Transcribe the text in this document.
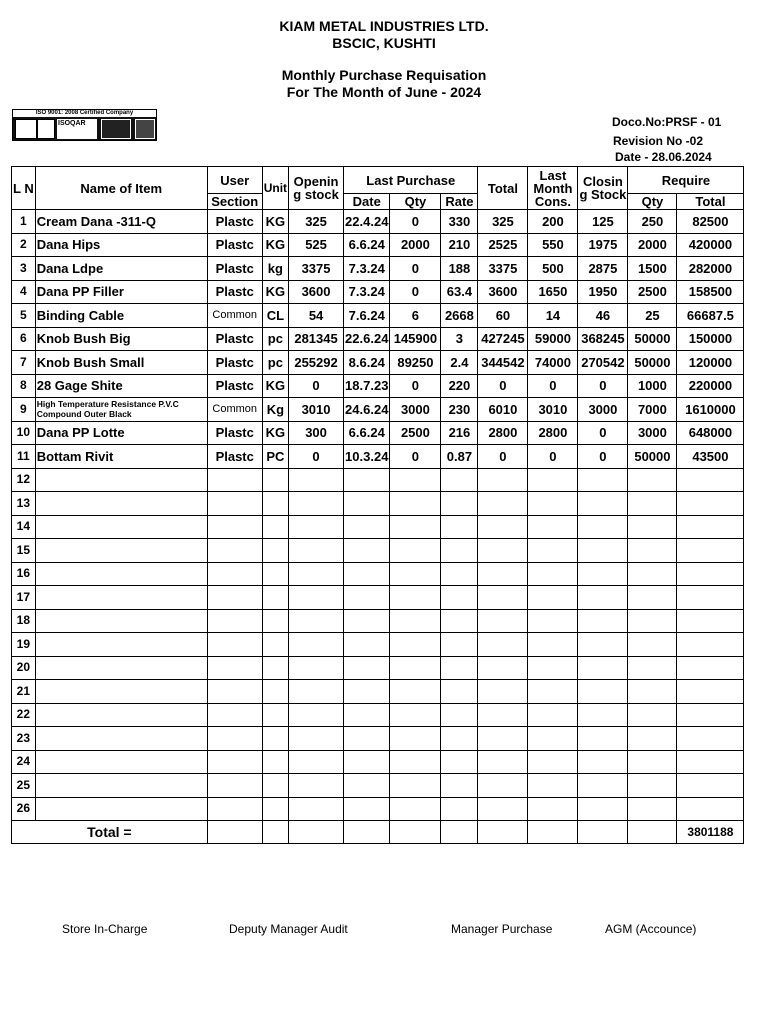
KIAM METAL INDUSTRIES LTD.
BSCIC, KUSHTI
Monthly Purchase Requisation
For The Month of June - 2024
ISO 9001: 2008 Certified Company
ISOQAR	Doco.No:PRSF - 01
Revision No -02
Date - 28.06.2024
L N	Name of Item	User	Unit	Openin g stock	Last Purchase			Total	Last Month Cons.	Closin g Stock	Require	
		Section			Date	Qty	Rate				Qty	Total
1	Cream Dana -311-Q	Plastc	KG	325	22.4.24	0	330	325	200	125	250	82500
2	Dana Hips	Plastc	KG	525	6.6.24	2000	210	2525	550	1975	2000	420000
3	Dana Ldpe	Plastc	kg	3375	7.3.24	0	188	3375	500	2875	1500	282000
4	Dana PP Filler	Plastc	KG	3600	7.3.24	0	63.4	3600	1650	1950	2500	158500
5	Binding Cable	Common	CL	54	7.6.24	6	2668	60	14	46	25	66687.5
6	Knob Bush Big	Plastc	pc	281345	22.6.24	145900	3	427245	59000	368245	50000	150000
7	Knob Bush Small	Plastc	pc	255292	8.6.24	89250	2.4	344542	74000	270542	50000	120000
8	28 Gage Shite	Plastc	KG	0	18.7.23	0	220	0	0	0	1000	220000
9	High Temperature Resistance P.V.C Compound Outer Black	Common	Kg	3010	24.6.24	3000	230	6010	3010	3000	7000	1610000
10	Dana PP Lotte	Plastc	KG	300	6.6.24	2500	216	2800	2800	0	3000	648000
11	Bottam Rivit	Plastc	PC	0	10.3.24	0	0.87	0	0	0	50000	43500
12												
13												
14												
15												
16												
17												
18												
19												
20												
21												
22												
23												
24												
25												
26												
Total =												3801188
Store In-Charge	Deputy Manager Audit	Manager Purchase	AGM (Accounce)
